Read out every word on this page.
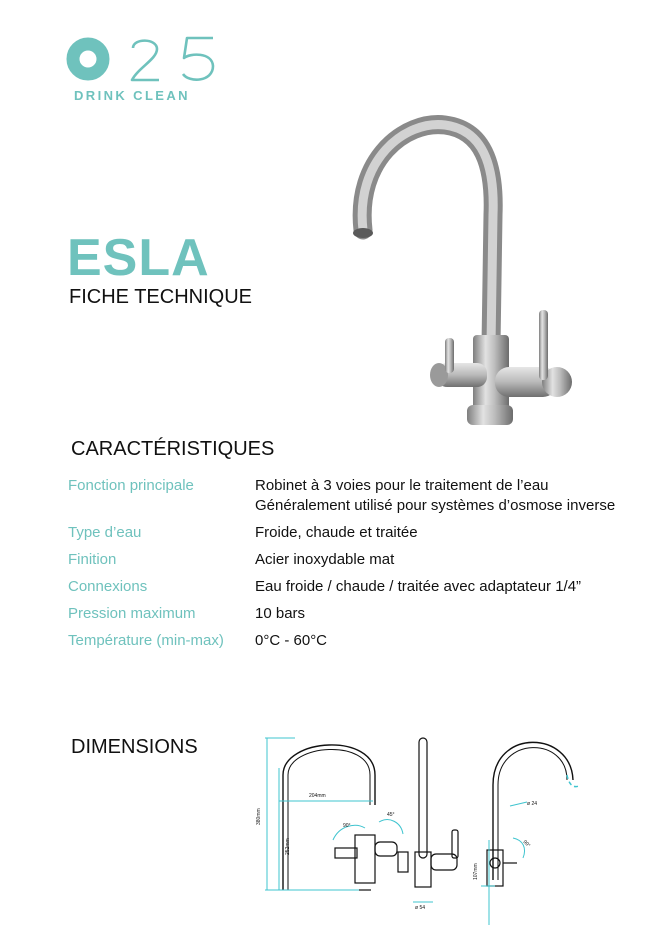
DRINK CLEAN
ESLA
FICHE TECHNIQUE
CARACTÉRISTIQUES
Fonction principale	Robinet à 3 voies pour le traitement de l’eau
Généralement utilisé pour systèmes d’osmose inverse
Type d’eau	Froide, chaude et traitée
Finition	Acier inoxydable mat
Connexions	Eau froide / chaude / traitée avec adaptateur 1/4”
Pression maximum	10 bars
Température (min-max)	0°C - 60°C
DIMENSIONS
380mm
252mm
204mm
90°
45°
ø 54
ø 24
107mm
90°
